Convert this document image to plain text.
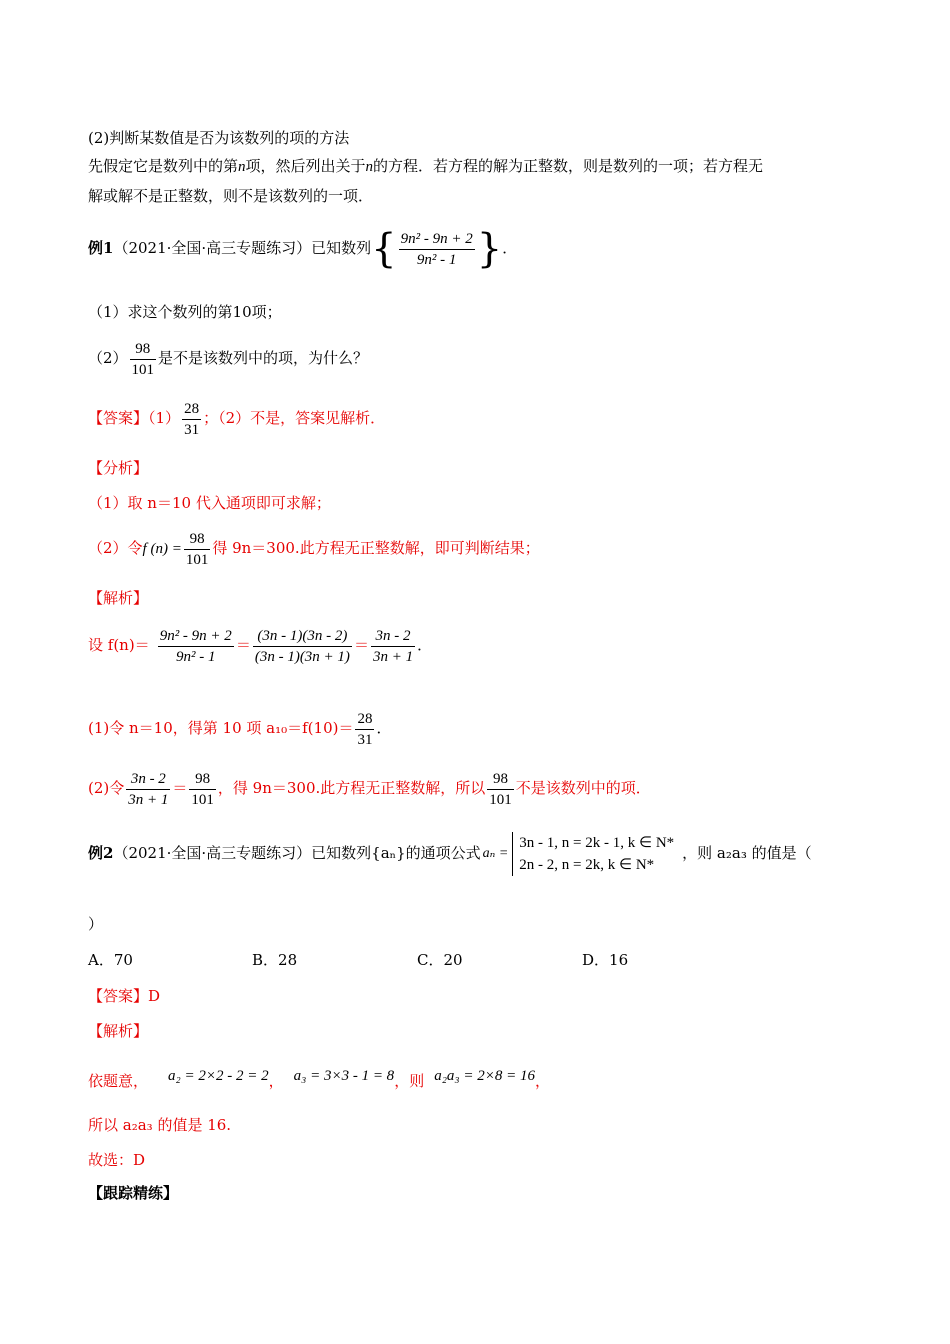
(2)判断某数值是否为该数列的项的方法
先假定它是数列中的第n项，然后列出关于n的方程．若方程的解为正整数，则是数列的一项；若方程无
解或解不是正整数，则不是该数列的一项．
例1（2021·全国·高三专题练习）已知数列{ $\frac{\text{9n² - 9n + 2}}{\text{9n² - 1}}$ }．
（1）求这个数列的第10项；
$(2) \frac{98}{101}$ 是不是该数列中的项，为什么？
【答案】$(1) \frac{28}{31}$ ；（2）不是，答案见解析．
【分析】
（1）取 n＝10 代入通项即可求解；
（2）令f $(n) = \frac{98}{101}$ 得 9n＝300.此方程无正整数解，即可判断结果；
【解析】
设 $f(n)= \frac{\text{9n² - 9n + 2}}{\text{9n² - 1}} = \frac{(3n - 1)(3n - 2)}{(3n - 1)(3n + 1)} = \frac{3n - 2}{3n + 1}$ ．
(1)令 n＝10，得第 10 项 $a_{10}=f(10)= \frac{28}{31}$ ．
(2)令 $\frac{3n - 2}{3n + 1} = \frac{98}{101}$ ，得 9n＝300.此方程无正整数解，所以 $\frac{98}{101}$ 不是该数列中的项．
例2（2021·全国·高三专题练习）已知数列{aₙ}的通项公式 aₙ =
3n - 1, n = 2k - 1, k ∈ N*
2n - 2, n = 2k, k ∈ N*
，则 a₂a₃ 的值是（
）
A．70	B．28	C．20	D．16
【答案】D
【解析】
依题意， a₂ = 2×2 - 2 = 2， a₃ = 3×3 - 1 = 8，则 a₂a₃ = 2×8 = 16，
所以 a₂a₃ 的值是 16.
故选：D
【跟踪精练】
